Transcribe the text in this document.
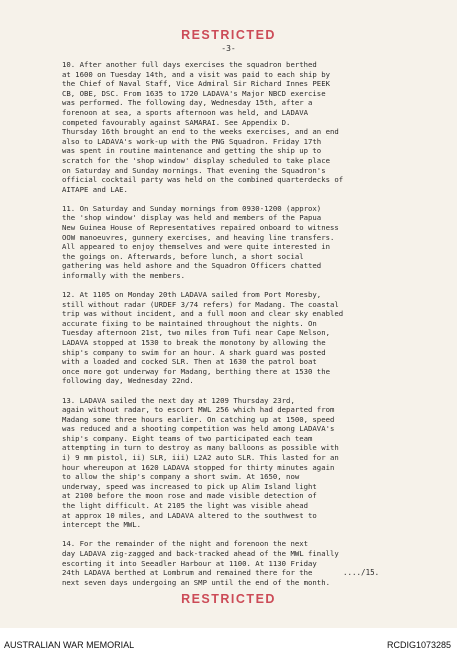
RESTRICTED
-3-
10. After another full days exercises the squadron berthed
at 1600 on Tuesday 14th, and a visit was paid to each ship by
the Chief of Naval Staff, Vice Admiral Sir Richard Innes PEEK
CB, OBE, DSC. From 1635 to 1720 LADAVA's Major NBCD exercise
was performed. The following day, Wednesday 15th, after a
forenoon at sea, a sports afternoon was held, and LADAVA
competed favourably against SAMARAI. See Appendix D.
Thursday 16th brought an end to the weeks exercises, and an end
also to LADAVA's work-up with the PNG Squadron. Friday 17th
was spent in routine maintenance and getting the ship up to
scratch for the 'shop window' display scheduled to take place
on Saturday and Sunday mornings. That evening the Squadron's
official cocktail party was held on the combined quarterdecks of
AITAPE and LAE.
11. On Saturday and Sunday mornings from 0930-1200 (approx)
the 'shop window' display was held and members of the Papua
New Guinea House of Representatives repaired onboard to witness
OOW manoeuvres, gunnery exercises, and heaving line transfers.
All appeared to enjoy themselves and were quite interested in
the goings on. Afterwards, before lunch, a short social
gathering was held ashore and the Squadron Officers chatted
informally with the members.
12. At 1105 on Monday 20th LADAVA sailed from Port Moresby,
still without radar (URDEF 3/74 refers) for Madang. The coastal
trip was without incident, and a full moon and clear sky enabled
accurate fixing to be maintained throughout the nights. On
Tuesday afternoon 21st, two miles from Tufi near Cape Nelson,
LADAVA stopped at 1530 to break the monotony by allowing the
ship's company to swim for an hour. A shark guard was posted
with a loaded and cocked SLR. Then at 1630 the patrol boat
once more got underway for Madang, berthing there at 1530 the
following day, Wednesday 22nd.
13. LADAVA sailed the next day at 1209 Thursday 23rd,
again without radar, to escort MWL 256 which had departed from
Madang some three hours earlier. On catching up at 1500, speed
was reduced and a shooting competition was held among LADAVA's
ship's company. Eight teams of two participated each team
attempting in turn to destroy as many balloons as possible with
i) 9 mm pistol, ii) SLR, iii) L2A2 auto SLR. This lasted for an
hour whereupon at 1620 LADAVA stopped for thirty minutes again
to allow the ship's company a short swim. At 1650, now
underway, speed was increased to pick up Alim Island light
at 2100 before the moon rose and made visible detection of
the light difficult. At 2105 the light was visible ahead
at approx 10 miles, and LADAVA altered to the southwest to
intercept the MWL.
14. For the remainder of the night and forenoon the next
day LADAVA zig-zagged and back-tracked ahead of the MWL finally
escorting it into Seeadler Harbour at 1100. At 1130 Friday
24th LADAVA berthed at Lombrum and remained there for the
next seven days undergoing an SMP until the end of the month.
..../15.
RESTRICTED
AUSTRALIAN WAR MEMORIAL	RCDIG1073285
